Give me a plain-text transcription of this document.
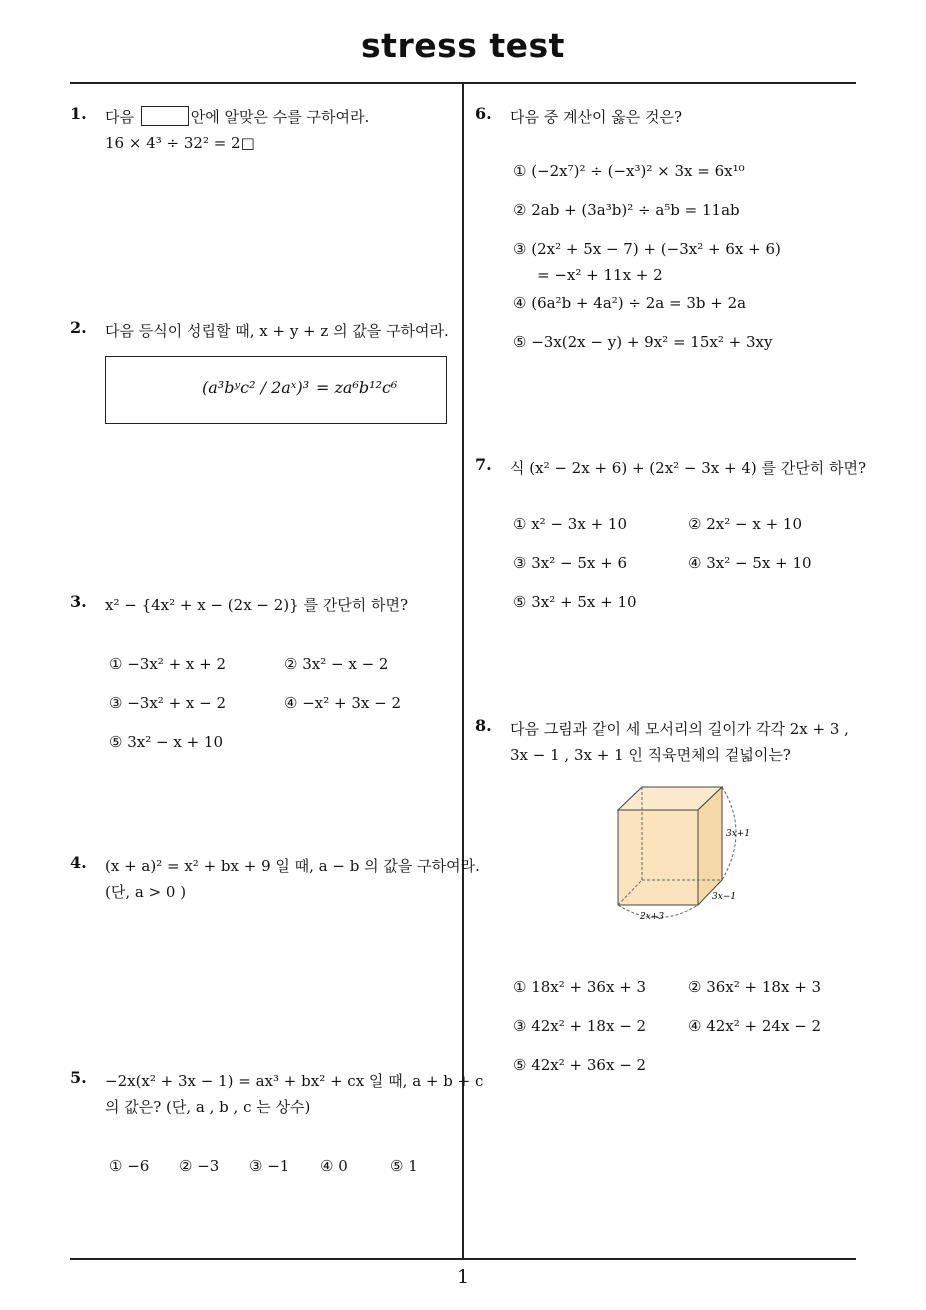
stress test
1
1. 다음	안에 알맞은 수를 구하여라.
16 × 4³ ÷ 32² = 2□
2. 다음 등식이 성립할 때, x + y + z 의 값을 구하여라.
(a³bʸc² / 2aˣ)³ = za⁶b¹²c⁶
3. x² − {4x² + x − (2x − 2)} 를 간단히 하면?
① −3x² + x + 2	② 3x² − x − 2
③ −3x² + x − 2	④ −x² + 3x − 2
⑤ 3x² − x + 10
4. (x + a)² = x² + bx + 9 일 때, a − b 의 값을 구하여라.
(단, a > 0 )
5. −2x(x² + 3x − 1) = ax³ + bx² + cx 일 때, a + b + c
의 값은? (단, a , b , c 는 상수)
① −6 ② −3 ③ −1 ④ 0	⑤ 1
6. 다음 중 계산이 옳은 것은?
① (−2x⁷)² ÷ (−x³)² × 3x = 6x¹⁰
② 2ab + (3a³b)² ÷ a⁵b = 11ab
③ (2x² + 5x − 7) + (−3x² + 6x + 6)
= −x² + 11x + 2
④ (6a²b + 4a²) ÷ 2a = 3b + 2a
⑤ −3x(2x − y) + 9x² = 15x² + 3xy
7. 식 (x² − 2x + 6) + (2x² − 3x + 4) 를 간단히 하면?
① x² − 3x + 10	② 2x² − x + 10
③ 3x² − 5x + 6	④ 3x² − 5x + 10
⑤ 3x² + 5x + 10
8. 다음 그림과 같이 세 모서리의 길이가 각각 2x + 3 ,
3x − 1 , 3x + 1 인 직육면체의 겉넓이는?
3x+1
3x−1
2x+3
① 18x² + 36x + 3	② 36x² + 18x + 3
③ 42x² + 18x − 2	④ 42x² + 24x − 2
⑤ 42x² + 36x − 2
